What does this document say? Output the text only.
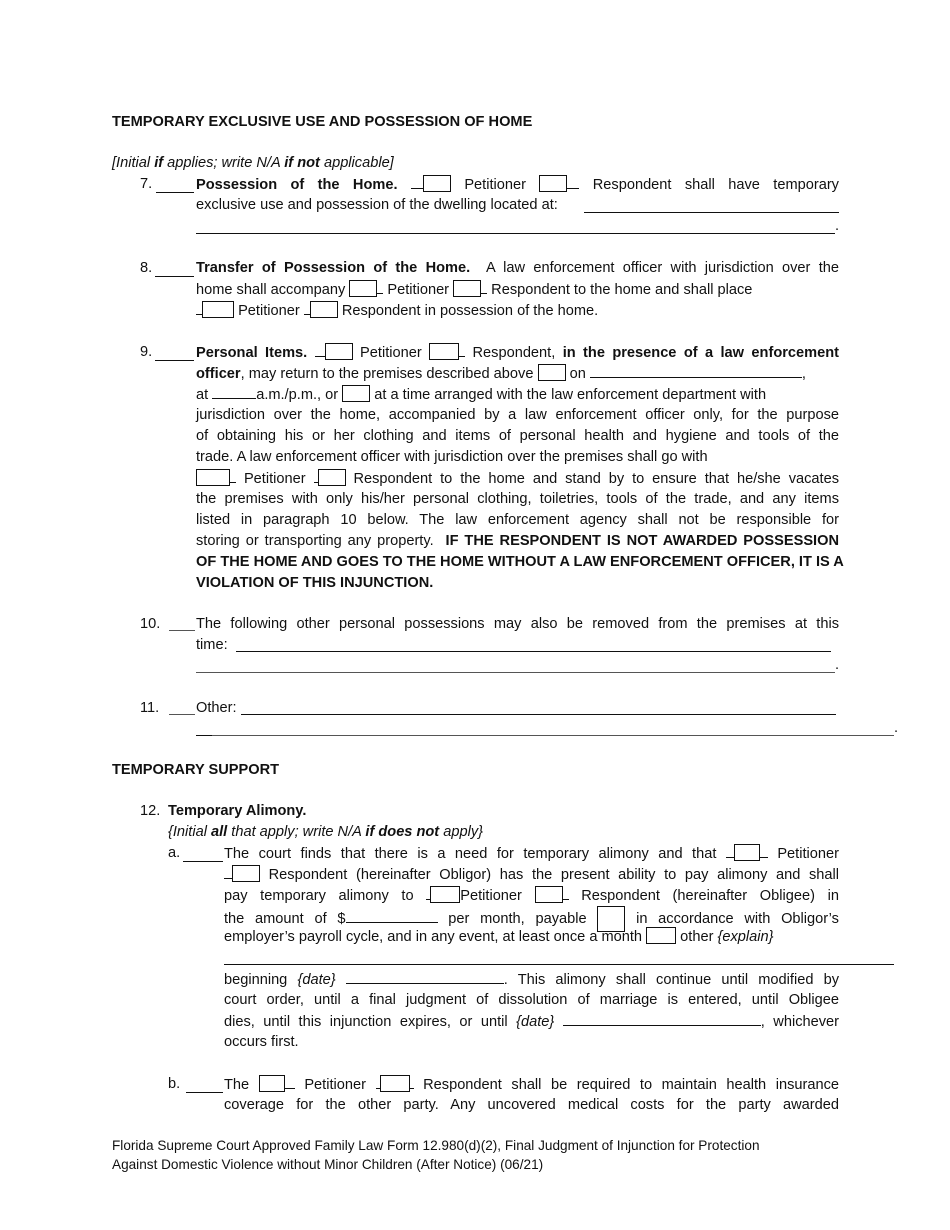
TEMPORARY EXCLUSIVE USE AND POSSESSION OF HOME
[Initial if applies; write N/A if not applicable]
7.	Possession of the Home.	Petitioner	Respondent shall have temporary
exclusive use and possession of the dwelling located at:
.
8.	Transfer of Possession of the Home. A law enforcement officer with jurisdiction over the
home shall accompany	Petitioner	Respondent to the home and shall place
Petitioner	Respondent in possession of the home.
9.	Personal Items.	Petitioner	Respondent, in the presence of a law enforcement
officer, may return to the premises described above on	,
at	a.m./p.m., or at a time arranged with the law enforcement department with
jurisdiction over the home, accompanied by a law enforcement officer only, for the purpose
of obtaining his or her clothing and items of personal health and hygiene and tools of the
trade. A law enforcement officer with jurisdiction over the premises shall go with
Petitioner	Respondent to the home and stand by to ensure that he/she vacates
the premises with only his/her personal clothing, toiletries, tools of the trade, and any items
listed in paragraph 10 below. The law enforcement agency shall not be responsible for
storing or transporting any property. IF THE RESPONDENT IS NOT AWARDED POSSESSION
OF THE HOME AND GOES TO THE HOME WITHOUT A LAW ENFORCEMENT OFFICER, IT IS A
VIOLATION OF THIS INJUNCTION.
10. The following other personal possessions may also be removed from the premises at this
time:
.
11.	Other:
.
TEMPORARY SUPPORT
12. Temporary Alimony.
{Initial all that apply; write N/A if does not apply}
a.	The court finds that there is a need for temporary alimony and that	Petitioner
Respondent (hereinafter Obligor) has the present ability to pay alimony and shall
pay temporary alimony to	Petitioner	Respondent (hereinafter Obligee) in
the amount of $	per month, payable	in accordance with Obligor’s
employer’s payroll cycle, and in any event, at least once a month	other {explain}
beginning {date}	. This alimony shall continue until modified by
court order, until a final judgment of dissolution of marriage is entered, until Obligee
dies, until this injunction expires, or until {date}	, whichever
occurs first.
b.	The	Petitioner	Respondent shall be required to maintain health insurance
coverage for the other party. Any uncovered medical costs for the party awarded
Florida Supreme Court Approved Family Law Form 12.980(d)(2), Final Judgment of Injunction for Protection
Against Domestic Violence without Minor Children (After Notice) (06/21)
